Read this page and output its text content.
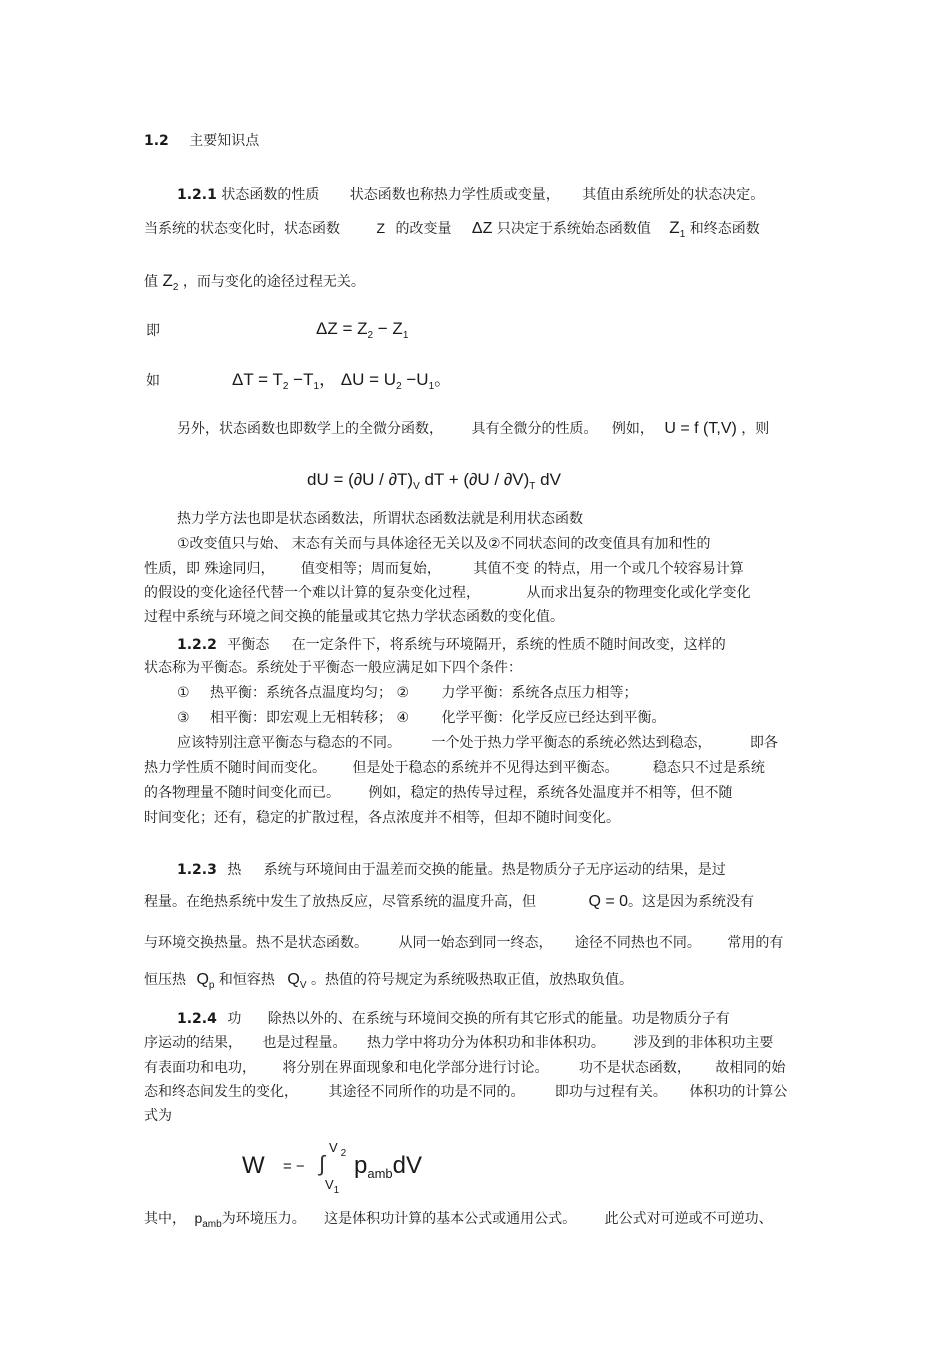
1.2 主要知识点
1.2.1 状态函数的性质 状态函数也称热力学性质或变量， 其值由系统所处的状态决定。
当系统的状态变化时，状态函数	Z 的改变量 ΔZ 只决定于系统始态函数值 $Z_1$ 和终态函数
值 $Z_2$ ，而与变化的途径过程无关。
即	$\Delta Z = Z_2 - Z_1$
如	$\Delta T = T_2 -T_1$， $\Delta U = U_2 -U_1$。
另外，状态函数也即数学上的全微分函数， 具有全微分的性质。 例如， U = f (T,V) ，则
dU = $(\partial U / \partial T)_V$ dT + $(\partial U / \partial V)_T$ dV
热力学方法也即是状态函数法，所谓状态函数法就是利用状态函数
①改变值只与始、 末态有关而与具体途径无关以及②不同状态间的改变值具有加和性的
性质，即 殊途同归， 值变相等；周而复始， 其值不变 的特点，用一个或几个较容易计算
的假设的变化途径代替一个难以计算的复杂变化过程，	从而求出复杂的物理变化或化学变化
过程中系统与环境之间交换的能量或其它热力学状态函数的变化值。
1.2.2 平衡态 在一定条件下，将系统与环境隔开，系统的性质不随时间改变，这样的
状态称为平衡态。系统处于平衡态一般应满足如下四个条件：
① 热平衡：系统各点温度均匀； ② 力学平衡：系统各点压力相等；
③ 相平衡：即宏观上无相转移； ④ 化学平衡：化学反应已经达到平衡。
应该特别注意平衡态与稳态的不同。 一个处于热力学平衡态的系统必然达到稳态，	即各
热力学性质不随时间而变化。 但是处于稳态的系统并不见得达到平衡态。 稳态只不过是系统
的各物理量不随时间变化而已。 例如，稳定的热传导过程，系统各处温度并不相等，但不随
时间变化；还有，稳定的扩散过程，各点浓度并不相等，但却不随时间变化。
1.2.3 热 系统与环境间由于温差而交换的能量。热是物质分子无序运动的结果，是过
程量。在绝热系统中发生了放热反应，尽管系统的温度升高，但	Q = 0。这是因为系统没有
与环境交换热量。热不是状态函数。 从同一始态到同一终态， 途径不同热也不同。 常用的有
恒压热 $Q_p$ 和恒容热 $Q_V$ 。热值的符号规定为系统吸热取正值，放热取负值。
1.2.4 功 除热以外的、在系统与环境间交换的所有其它形式的能量。功是物质分子有
序运动的结果， 也是过程量。 热力学中将功分为体积功和非体积功。 涉及到的非体积功主要
有表面功和电功， 将分别在界面现象和电化学部分进行讨论。 功不是状态函数， 故相同的始
态和终态间发生的变化， 其途径不同所作的功是不同的。 即功与过程有关。 体积功的计算公
式为
W = − ∫
V $_2$
$V_1$
$p_{amb}dV$
其中， $p_{amb}$为环境压力。 这是体积功计算的基本公式或通用公式。 此公式对可逆或不可逆功、
